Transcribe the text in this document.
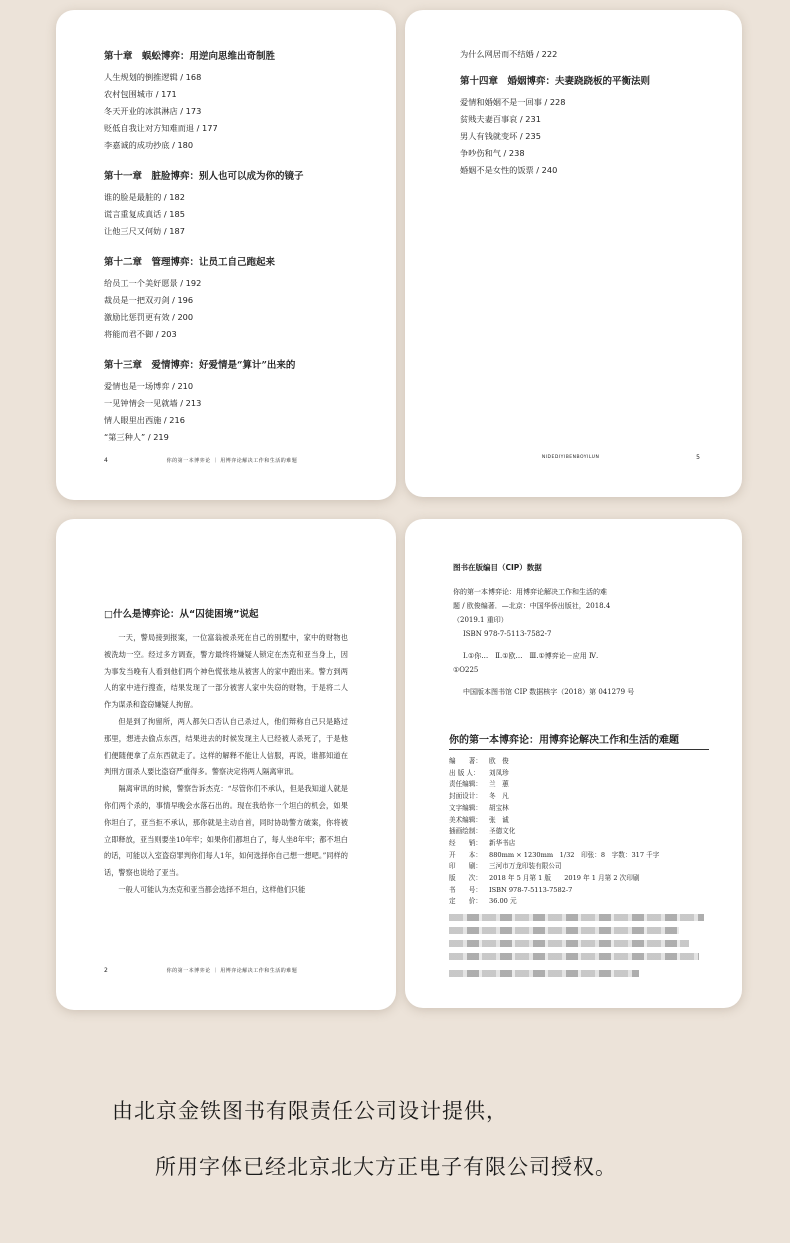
第十章　蜈蚣博弈：用逆向思维出奇制胜
人生规划的倒推逻辑 / 168
农村包围城市 / 171
冬天开业的冰淇淋店 / 173
贬低自我让对方知难而退 / 177
李嘉诚的成功抄底 / 180
第十一章　脏脸博弈：别人也可以成为你的镜子
谁的脸是最脏的 / 182
谎言重复成真话 / 185
让他三尺又何妨 / 187
第十二章　管理博弈：让员工自己跑起来
给员工一个美好愿景 / 192
裁员是一把双刃剑 / 196
激励比惩罚更有效 / 200
将能而君不御 / 203
第十三章　爱情博弈：好爱情是“算计”出来的
爱情也是一场博弈 / 210
一见钟情会一见就墙 / 213
情人眼里出西施 / 216
“第三种人” / 219
4	你的第一本博弈论 ｜ 用博弈论解决工作和生活的难题
为什么网居而不结婚 / 222
第十四章　婚姻博弈：夫妻跷跷板的平衡法则
爱情和婚姻不是一回事 / 228
贫贱夫妻百事哀 / 231
男人有钱就变坏 / 235
争吵伤和气 / 238
婚姻不是女性的饭票 / 240
NIDEDIYIBENBOYILUN	5
□什么是博弈论：从“囚徒困境”说起

一天，警局接到报案，一位富翁被杀死在自己的别墅中，家中的财物也被洗劫一空。经过多方调查，警方最终将嫌疑人锁定在杰克和亚当身上，因为事发当晚有人看到他们两个神色慌张地从被害人的家中跑出来。警方到两人的家中进行搜查，结果发现了一部分被害人家中失窃的财物，于是将二人作为谋杀和盗窃嫌疑人拘留。

但是到了拘留所，两人都矢口否认自己杀过人，他们辩称自己只是路过那里，想进去偷点东西，结果进去的时候发现主人已经被人杀死了，于是他们便随便拿了点东西就走了。这样的解释不能让人信服，再说，谁都知道在判刑方面杀人要比盗窃严重得多。警察决定将两人隔离审讯。

隔离审讯的时候，警察告诉杰克：“尽管你们不承认，但是我知道人就是你们两个杀的，事情早晚会水落石出的。现在我给你一个坦白的机会，如果你坦白了，亚当拒不承认，那你就是主动自首，同时协助警方破案，你将被立即释放，亚当则要坐10年牢；如果你们都坦白了，每人坐8年牢；都不坦白的话，可能以入室盗窃罪判你们每人1年，如何选择你自己想一想吧。”同样的话，警察也说给了亚当。

一般人可能认为杰克和亚当都会选择不坦白，这样他们只能

2	你的第一本博弈论 ｜ 用博弈论解决工作和生活的难题
图书在版编目（CIP）数据
你的第一本博弈论：用博弈论解决工作和生活的难
题 / 欧俊编著．—北京：中国华侨出版社，2018.4
（2019.1 重印）
ISBN 978-7-5113-7582-7
Ⅰ.①你…　Ⅱ.①欧…　Ⅲ.①博弈论－应用 Ⅳ.
①O225
中国版本图书馆 CIP 数据核字（2018）第 041279 号
你的第一本博弈论：用博弈论解决工作和生活的难题
编　　著： 欧　俊
出 版 人： 刘凤珍
责任编辑： 兰　蕙
封面设计： 冬　凡
文字编辑： 胡宝林
美术编辑： 张　诚
插画绘制： 圣德文化
经　　销： 新华书店
开　　本： 880mm × 1230mm　1/32　印张：8　字数：317 千字
印　　刷： 三河市万龙印装有限公司
版　　次： 2018 年 5 月第 1 版　　2019 年 1 月第 2 次印刷
书　　号： ISBN 978-7-5113-7582-7
定　　价： 36.00 元
由北京金铁图书有限责任公司设计提供，
所用字体已经北京北大方正电子有限公司授权。
